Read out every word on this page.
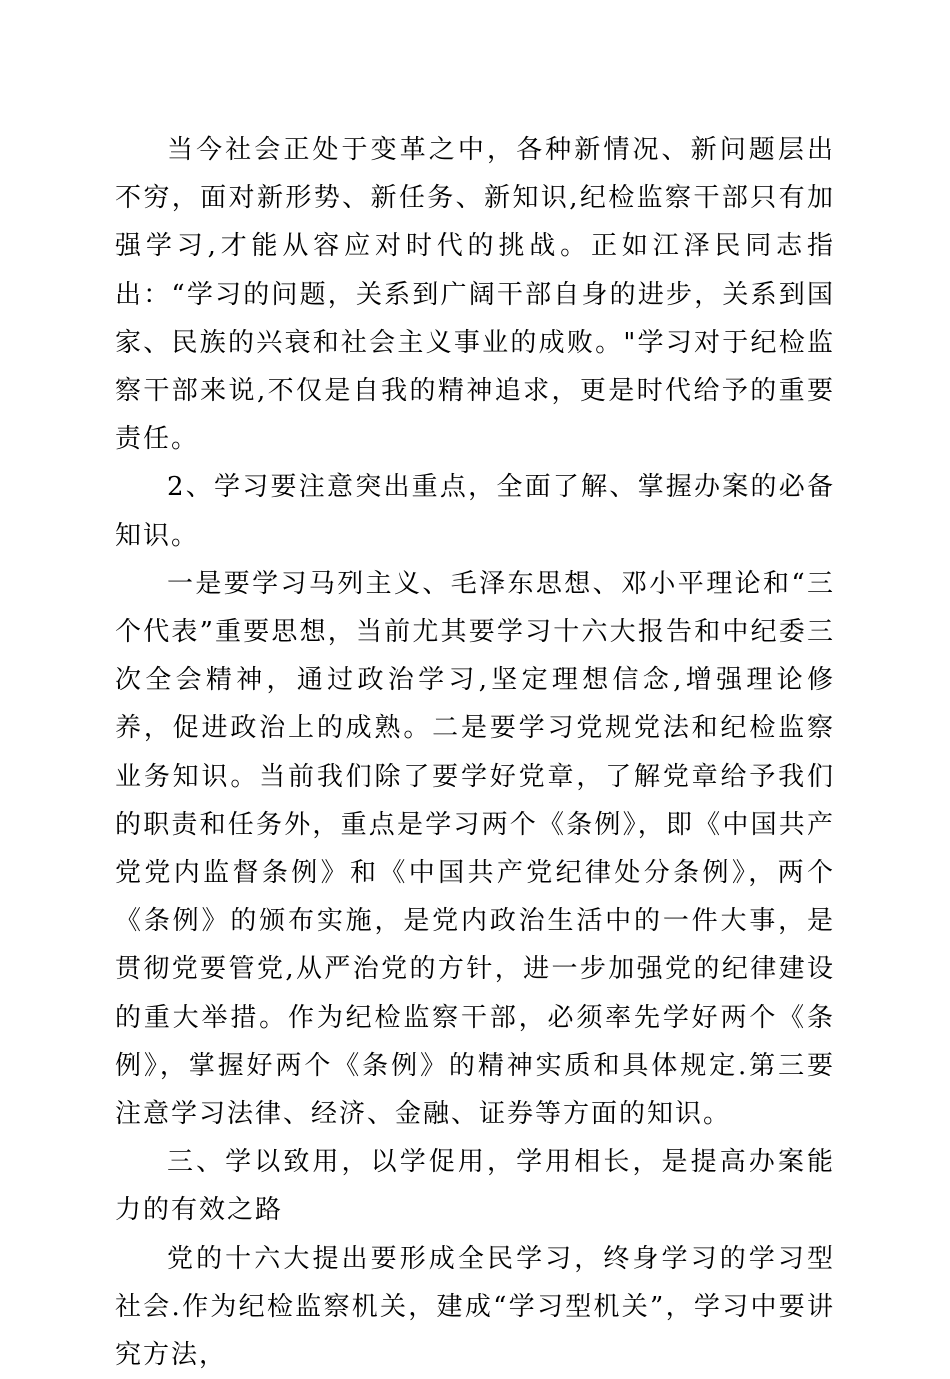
当今社会正处于变革之中，各种新情况、新问题层出不穷，面对新形势、新任务、新知识,纪检监察干部只有加强学习,才能从容应对时代的挑战。正如江泽民同志指出：“学习的问题，关系到广阔干部自身的进步，关系到国家、民族的兴衰和社会主义事业的成败。"学习对于纪检监察干部来说,不仅是自我的精神追求，更是时代给予的重要责任。

2、学习要注意突出重点，全面了解、掌握办案的必备知识。

一是要学习马列主义、毛泽东思想、邓小平理论和“三个代表”重要思想，当前尤其要学习十六大报告和中纪委三次全会精神，通过政治学习,坚定理想信念,增强理论修养，促进政治上的成熟。二是要学习党规党法和纪检监察业务知识。当前我们除了要学好党章，了解党章给予我们的职责和任务外，重点是学习两个《条例》，即《中国共产党党内监督条例》和《中国共产党纪律处分条例》，两个《条例》的颁布实施，是党内政治生活中的一件大事，是贯彻党要管党,从严治党的方针，进一步加强党的纪律建设的重大举措。作为纪检监察干部，必须率先学好两个《条例》，掌握好两个《条例》的精神实质和具体规定.第三要注意学习法律、经济、金融、证券等方面的知识。

三、学以致用，以学促用，学用相长，是提高办案能力的有效之路

党的十六大提出要形成全民学习，终身学习的学习型社会.作为纪检监察机关，建成“学习型机关”，学习中要讲究方法，
